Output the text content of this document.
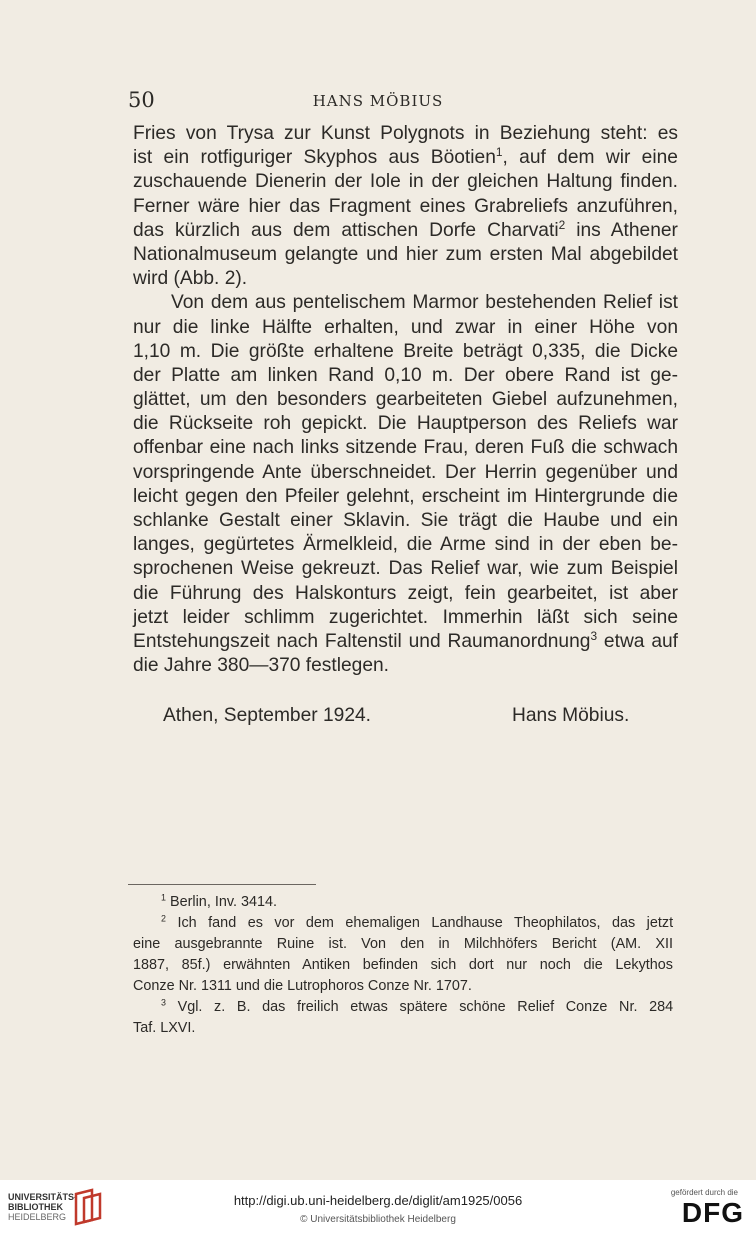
50	HANS MÖBIUS
Fries von Trysa zur Kunst Polygnots in Beziehung steht: es
ist ein rotfiguriger Skyphos aus Böotien$^1$, auf dem wir eine
zuschauende Dienerin der Iole in der gleichen Haltung finden.
Ferner wäre hier das Fragment eines Grabreliefs anzuführen,
das kürzlich aus dem attischen Dorfe Charvati$^2$ ins Athener
Nationalmuseum gelangte und hier zum ersten Mal abgebildet
wird (Abb. 2).
Von dem aus pentelischem Marmor bestehenden Relief ist
nur die linke Hälfte erhalten, und zwar in einer Höhe von
1,10 m. Die größte erhaltene Breite beträgt 0,335, die Dicke
der Platte am linken Rand 0,10 m. Der obere Rand ist ge-
glättet, um den besonders gearbeiteten Giebel aufzunehmen,
die Rückseite roh gepickt. Die Hauptperson des Reliefs war
offenbar eine nach links sitzende Frau, deren Fuß die schwach
vorspringende Ante überschneidet. Der Herrin gegenüber und
leicht gegen den Pfeiler gelehnt, erscheint im Hintergrunde die
schlanke Gestalt einer Sklavin. Sie trägt die Haube und ein
langes, gegürtetes Ärmelkleid, die Arme sind in der eben be-
sprochenen Weise gekreuzt. Das Relief war, wie zum Beispiel
die Führung des Halskonturs zeigt, fein gearbeitet, ist aber
jetzt leider schlimm zugerichtet. Immerhin läßt sich seine
Entstehungszeit nach Faltenstil und Raumanordnung$^3$ etwa auf
die Jahre 380—370 festlegen.
Athen, September 1924.	Hans Möbius.
$^1$ Berlin, Inv. 3414.
$^2$ Ich fand es vor dem ehemaligen Landhause Theophilatos, das jetzt
eine ausgebrannte Ruine ist. Von den in Milchhöfers Bericht (AM. XII
1887, 85f.) erwähnten Antiken befinden sich dort nur noch die Lekythos
Conze Nr. 1311 und die Lutrophoros Conze Nr. 1707.
$^3$ Vgl. z. B. das freilich etwas spätere schöne Relief Conze Nr. 284
Taf. LXVI.
UNIVERSITÄTS-
BIBLIOTHEK
HEIDELBERG
http://digi.ub.uni-heidelberg.de/diglit/am1925/0056
© Universitätsbibliothek Heidelberg
gefördert durch die
DFG
